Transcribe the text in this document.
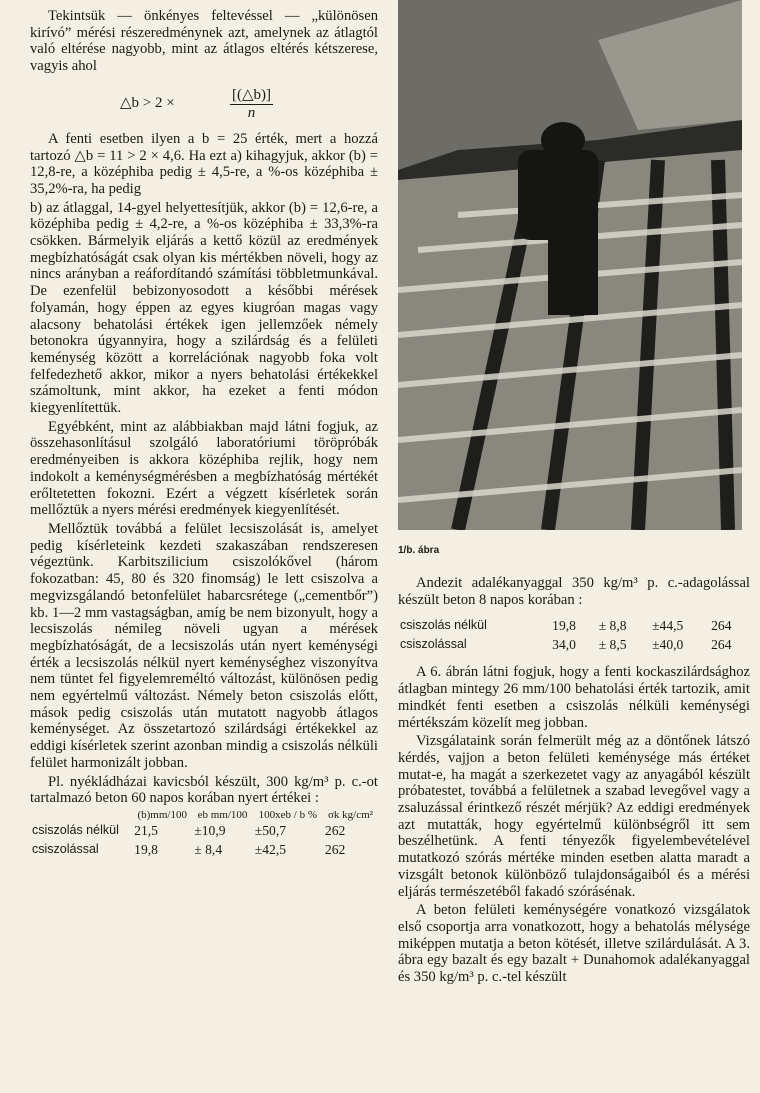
Tekintsük — önkényes feltevéssel — „különösen kirívó” mérési részeredménynek azt, amelynek az átlagtól való eltérése nagyobb, mint az átlagos eltérés kétszerese, vagyis ahol

△b > 2 ×	$\frac{[(\triangle b)]}{n}$

A fenti esetben ilyen a b = 25 érték, mert a hozzá tartozó △b = 11 > 2 × 4,6. Ha ezt a) kihagyjuk, akkor (b) = 12,8-re, a középhiba pedig ± 4,5-re, a %-os középhiba ± 35,2%-ra, ha pedig

b) az átlaggal, 14-gyel helyettesítjük, akkor (b) = 12,6-re, a középhiba pedig ± 4,2-re, a %-os középhiba ± 33,3%-ra csökken. Bármelyik eljárás a kettő közül az eredmények megbízhatóságát csak olyan kis mértékben növeli, hogy az nincs arányban a reáfordítandó számítási többletmunkával. De ezenfelül bebizonyosodott a későbbi mérések folyamán, hogy éppen az egyes kiugróan magas vagy alacsony behatolási értékek igen jellemzőek némely betonokra úgyannyira, hogy a szilárdság és a felületi keménység között a korrelációnak nagyobb foka volt felfedezhető akkor, mikor a nyers behatolási értékekkel számoltunk, mint akkor, ha ezeket a fenti módon kiegyenlítettük.

Egyébként, mint az alábbiakban majd látni fogjuk, az összehasonlításul szolgáló laboratóriumi töröpróbák eredményeiben is akkora középhiba rejlik, hogy nem indokolt a keménységmérésben a megbízhatóság mértékét erőltetetten fokozni. Ezért a végzett kísérletek során mellőztük a nyers mérési eredmények kiegyenlítését.

Mellőztük továbbá a felület lecsiszolását is, amelyet pedig kísérleteink kezdeti szakaszában rendszeresen végeztünk. Karbitszilicium csiszolókővel (három fokozatban: 45, 80 és 320 finomság) le lett csiszolva a megvizsgálandó betonfelület habarcsrétege („cementbőr”) kb. 1—2 mm vastagságban, amíg be nem bizonyult, hogy a lecsiszolás némileg növeli ugyan a mérések megbízhatóságát, de a lecsiszolás után nyert keménységi érték a lecsiszolás nélkül nyert keménységhez viszonyítva nem tüntet fel figyelemreméltó változást, különösen pedig nem egyértelmű változást. Némely beton csiszolás előtt, mások pedig csiszolás után mutatott nagyobb átlagos keménységet. Az összetartozó szilárdsági értékekkel az eddigi kísérletek szerint azonban mindig a csiszolás nélküli felület harmonizált jobban.

Pl. nyékládházai kavicsból készült, 300 kg/m³ p. c.-ot tartalmazó beton 60 napos korában nyert értékei :

	(b)mm/100	eb mm/100	100xeb / b %	σk kg/cm²
csiszolás nélkül	21,5	±10,9	±50,7	262
csiszolással	19,8	± 8,4	±42,5	262
1/b. ábra

Andezit adalékanyaggal 350 kg/m³ p. c.-adagolással készült beton 8 napos korában :

csiszolás nélkül	19,8	± 8,8	±44,5	264
csiszolással	34,0	± 8,5	±40,0	264

A 6. ábrán látni fogjuk, hogy a fenti kockaszilárdsághoz átlagban mintegy 26 mm/100 behatolási érték tartozik, amit mindkét fenti esetben a csiszolás nélküli keménységi mértékszám közelít meg jobban.

Vizsgálataink során felmerült még az a döntőnek látszó kérdés, vajjon a beton felületi keménysége más értéket mutat-e, ha magát a szerkezetet vagy az anyagából készült próbatestet, továbbá a felületnek a szabad levegővel vagy a zsaluzással érintkező részét mérjük? Az eddigi eredmények azt mutatták, hogy egyértelmű különbségről itt sem beszélhetünk. A fenti tényezők figyelembevételével mutatkozó szórás mértéke minden esetben alatta maradt a vizsgált betonok különböző tulajdonságaiból és a mérési eljárás természetéből fakadó szórásénak.

A beton felületi keménységére vonatkozó vizsgálatok első csoportja arra vonatkozott, hogy a behatolás mélysége miképpen mutatja a beton kötését, illetve szilárdulását. A 3. ábra egy bazalt és egy bazalt + Dunahomok adalékanyaggal és 350 kg/m³ p. c.-tel készült
